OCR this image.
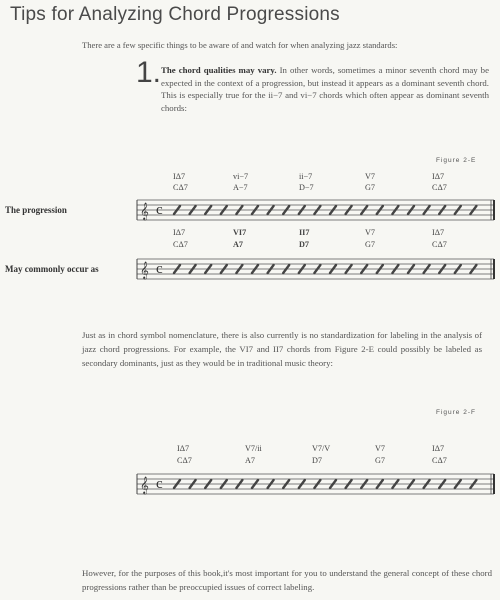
Tips for Analyzing Chord Progressions
There are a few specific things to be aware of and watch for when analyzing jazz standards:
1. The chord qualities may vary. In other words, sometimes a minor seventh chord may be expected in the context of a progression, but instead it appears as a dominant seventh chord. This is especially true for the ii−7 and vi−7 chords which often appear as dominant seventh chords:
Figure 2-E
IΔ7
CΔ7
vi−7
A−7
ii−7
D−7
V7
G7
IΔ7
CΔ7
The progression	𝄞 c
IΔ7
CΔ7
VI7
A7
II7
D7
V7
G7
IΔ7
CΔ7
May commonly occur as	𝄞 c
Just as in chord symbol nomenclature, there is also currently is no standardization for labeling in the analysis of jazz chord progressions. For example, the VI7 and II7 chords from Figure 2-E could possibly be labeled as secondary dominants, just as they would be in traditional music theory:
Figure 2-F
IΔ7
CΔ7
V7/ii
A7
V7/V
D7
V7
G7
IΔ7
CΔ7
𝄞 c
However, for the purposes of this book,it's most important for you to understand the general concept of these chord progressions rather than be preoccupied issues of correct labeling.
